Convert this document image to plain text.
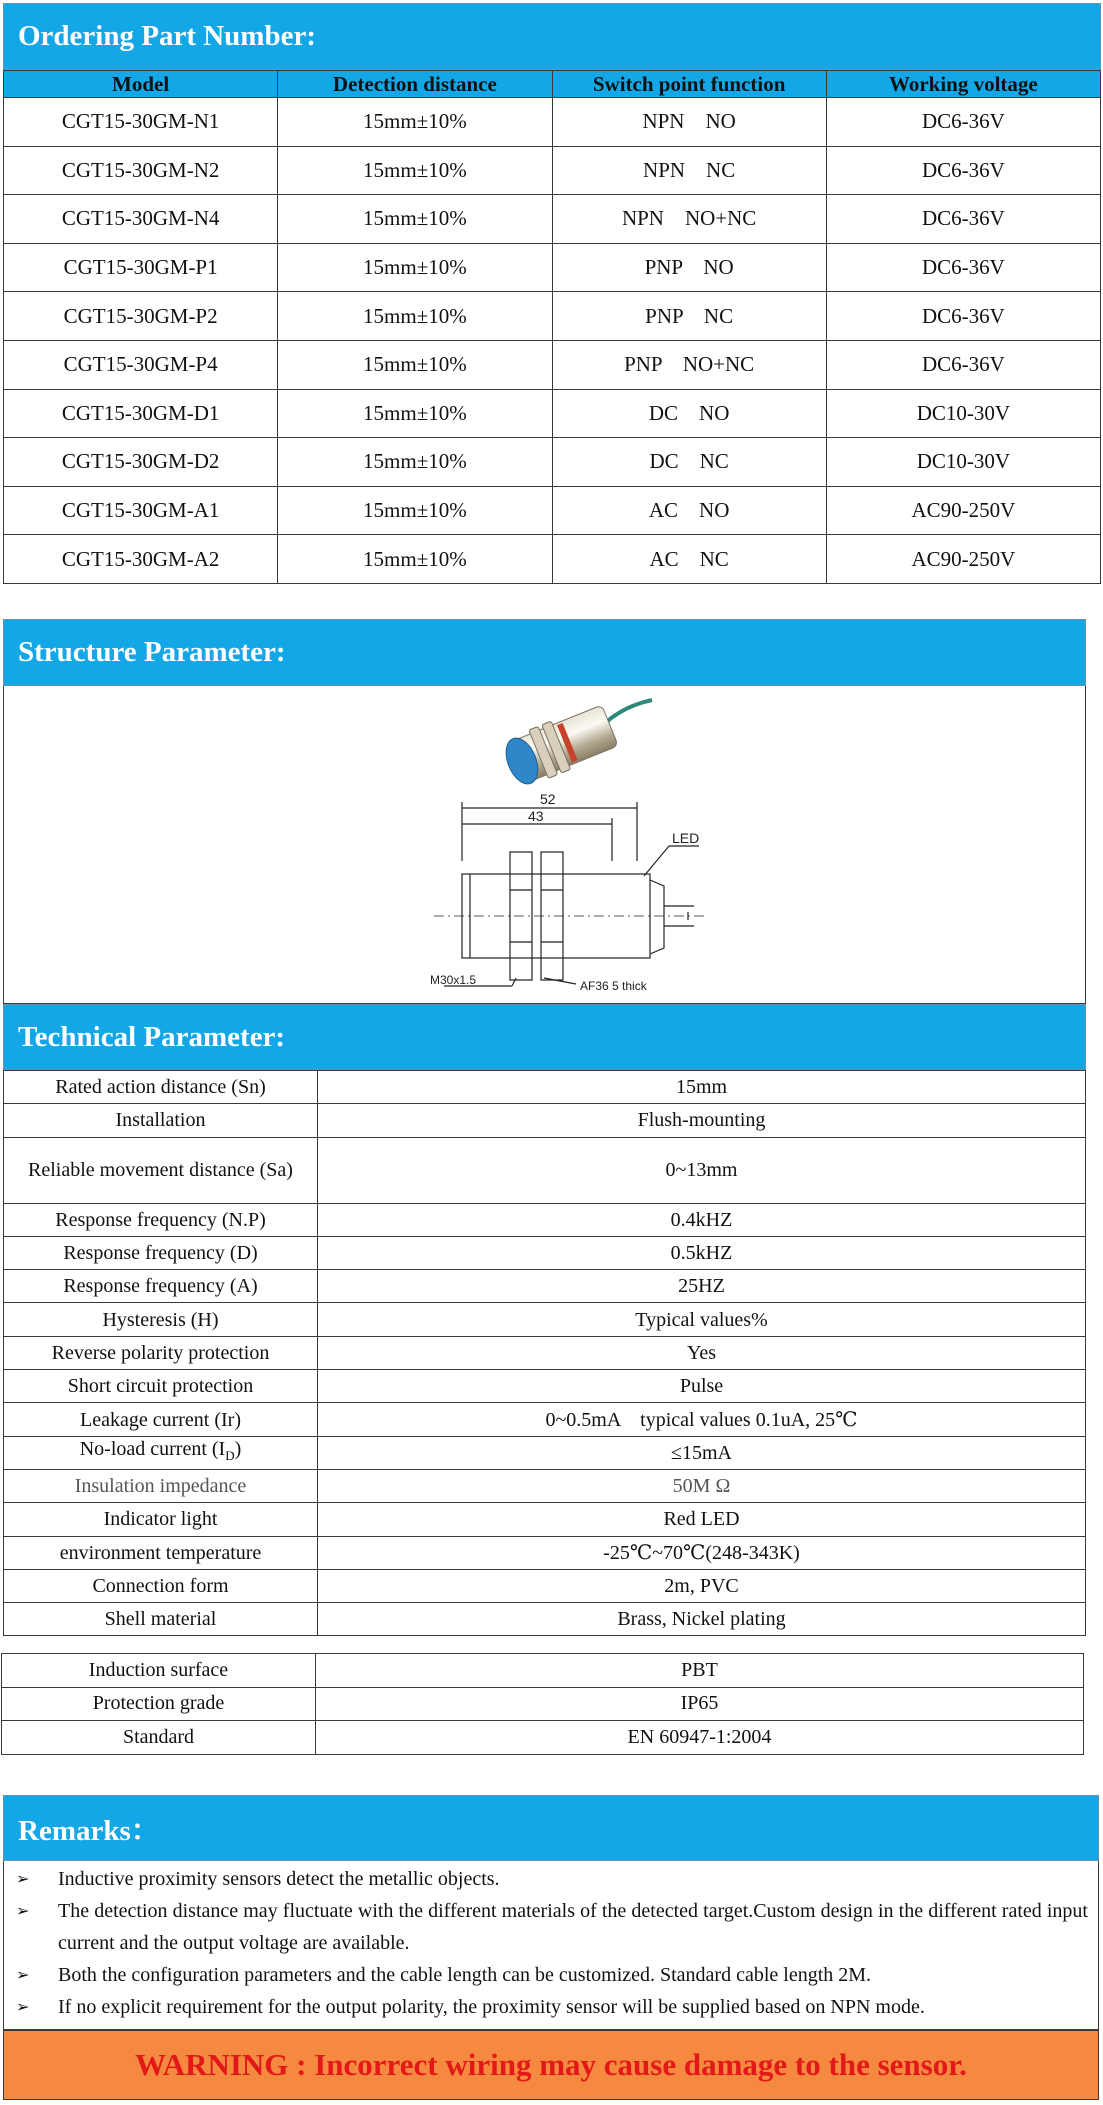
Ordering Part Number:
Model	Detection distance	Switch point function	Working voltage
CGT15-30GM-N1	15mm±10%	NPN    NO	DC6-36V
CGT15-30GM-N2	15mm±10%	NPN    NC	DC6-36V
CGT15-30GM-N4	15mm±10%	NPN    NO+NC	DC6-36V
CGT15-30GM-P1	15mm±10%	PNP    NO	DC6-36V
CGT15-30GM-P2	15mm±10%	PNP    NC	DC6-36V
CGT15-30GM-P4	15mm±10%	PNP    NO+NC	DC6-36V
CGT15-30GM-D1	15mm±10%	DC    NO	DC10-30V
CGT15-30GM-D2	15mm±10%	DC    NC	DC10-30V
CGT15-30GM-A1	15mm±10%	AC    NO	AC90-250V
CGT15-30GM-A2	15mm±10%	AC    NC	AC90-250V
Structure Parameter:
52
43
LED
M30x1.5	AF36 5 thick
Technical Parameter:
Rated action distance (Sn)	15mm
Installation	Flush-mounting
Reliable movement distance (Sa)	0~13mm
Response frequency (N.P)	0.4kHZ
Response frequency (D)	0.5kHZ
Response frequency (A)	25HZ
Hysteresis (H)	Typical values%
Reverse polarity protection	Yes
Short circuit protection	Pulse
Leakage current (Ir)	0~0.5mA    typical values 0.1uA, 25℃
No-load current $(I_D)$	≤15mA
Insulation impedance	50M Ω
Indicator light	Red LED
environment temperature	-25℃~70℃(248-343K)
Connection form	2m, PVC
Shell material	Brass, Nickel plating
Induction surface	PBT
Protection grade	IP65
Standard	EN 60947-1:2004
Remarks：
➢ Inductive proximity sensors detect the metallic objects.
➢ The detection distance may fluctuate with the different materials of the detected target.Custom design in the different rated input current and the output voltage are available.
➢ Both the configuration parameters and the cable length can be customized. Standard cable length 2M.
➢ If no explicit requirement for the output polarity, the proximity sensor will be supplied based on NPN mode.
WARNING : Incorrect wiring may cause damage to the sensor.
